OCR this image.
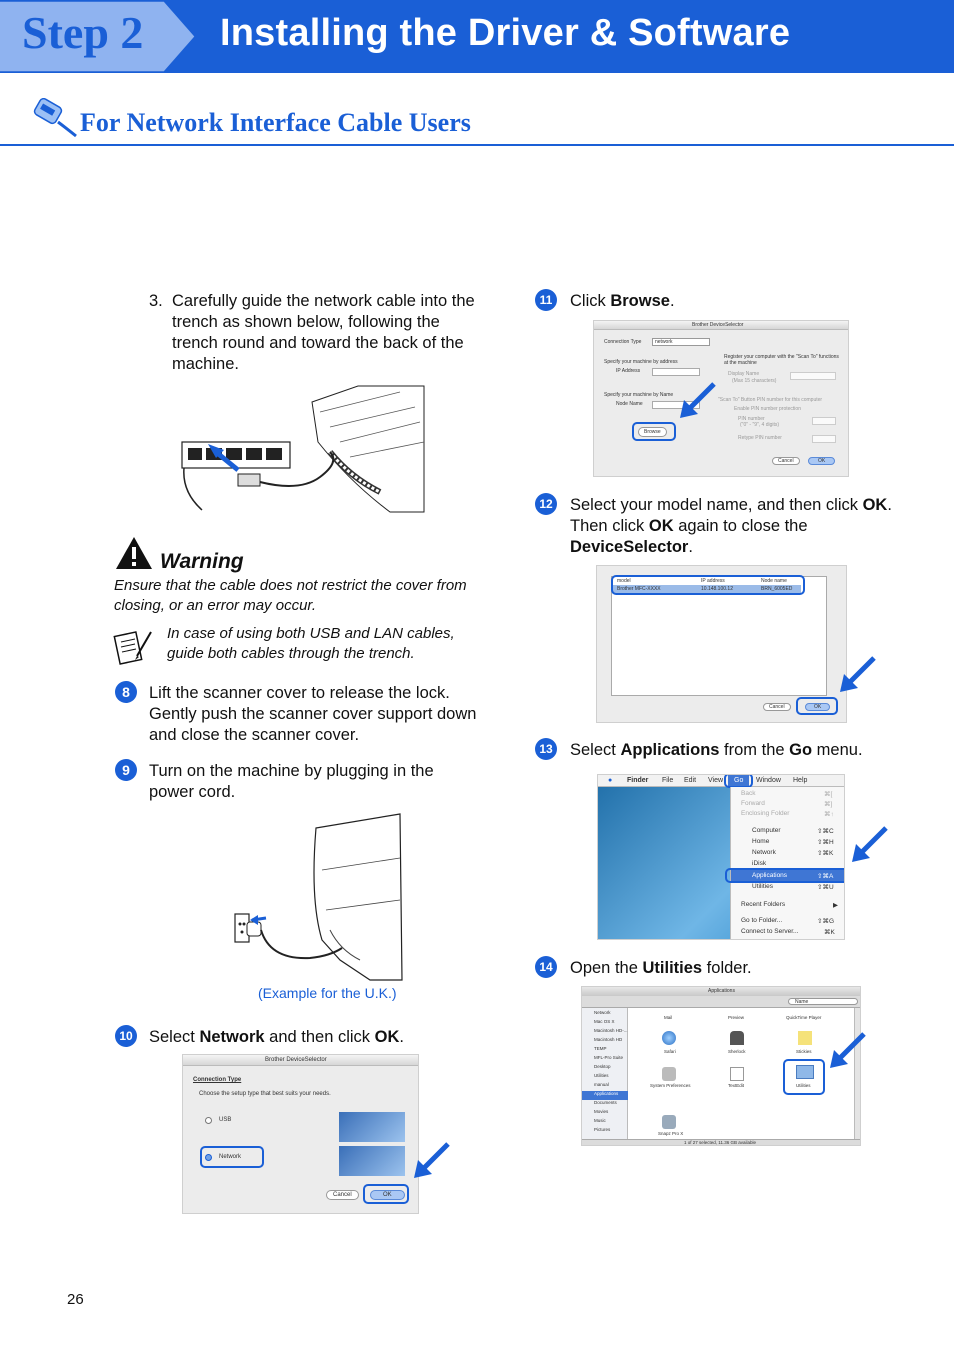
Step 2 Installing the Driver & Software
For Network Interface Cable Users
3. Carefully guide the network cable into the trench as shown below, following the trench round and toward the back of the machine.
Warning
Ensure that the cable does not restrict the cover from closing, or an error may occur.
In case of using both USB and LAN cables, guide both cables through the trench.
8	Lift the scanner cover to release the lock. Gently push the scanner cover support down and close the scanner cover.
9	Turn on the machine by plugging in the power cord.
(Example for the U.K.)
10 Select Network and then click OK.
Brother DeviceSelector
Connection Type
Choose the setup type that best suits your needs.
USB
Network
Cancel	OK
11 Click Browse.
Brother DeviceSelector
Connection Type	network
Specify your machine by address
IP Address
Specify your machine by Name
Node Name
Browse
Register your computer with the "Scan To" functions at the machine
Display Name
(Max 15 characters)
"Scan To" Button PIN number for this computer
Enable PIN number protection
PIN number
("0" - "9", 4 digits)
Retype PIN number
Cancel	OK
12 Select your model name, and then click OK.
Then click OK again to close the
DeviceSelector.
model	IP address	Node name
Brother MFC-XXXX	10.148.100.12	BRN_6005ED
Cancel	OK
13 Select Applications from the Go menu.
● Finder File Edit View	Go	Window Help
Back	⌘[
Forward	⌘]
Enclosing Folder	⌘↑
Computer	⇧⌘C
Home	⇧⌘H
Network	⇧⌘K
iDisk
Applications	⇧⌘A
Utilities	⇧⌘U
Recent Folders	▶
Go to Folder...	⇧⌘G
Connect to Server...	⌘K
14 Open the Utilities folder.
Applications
Name
Network
Mac OS X
Macintosh HD-...
Macintosh HD
TEMP
MFL-Pro Suite
Desktop
Utilities
manual
Applications
Documents
Movies
Music
Pictures
Mail	Preview	QuickTime Player
Safari	Sherlock	Stickies
System Preferences	TextEdit	Utilities
Snapz Pro X
1 of 27 selected, 11.36 GB available
26
